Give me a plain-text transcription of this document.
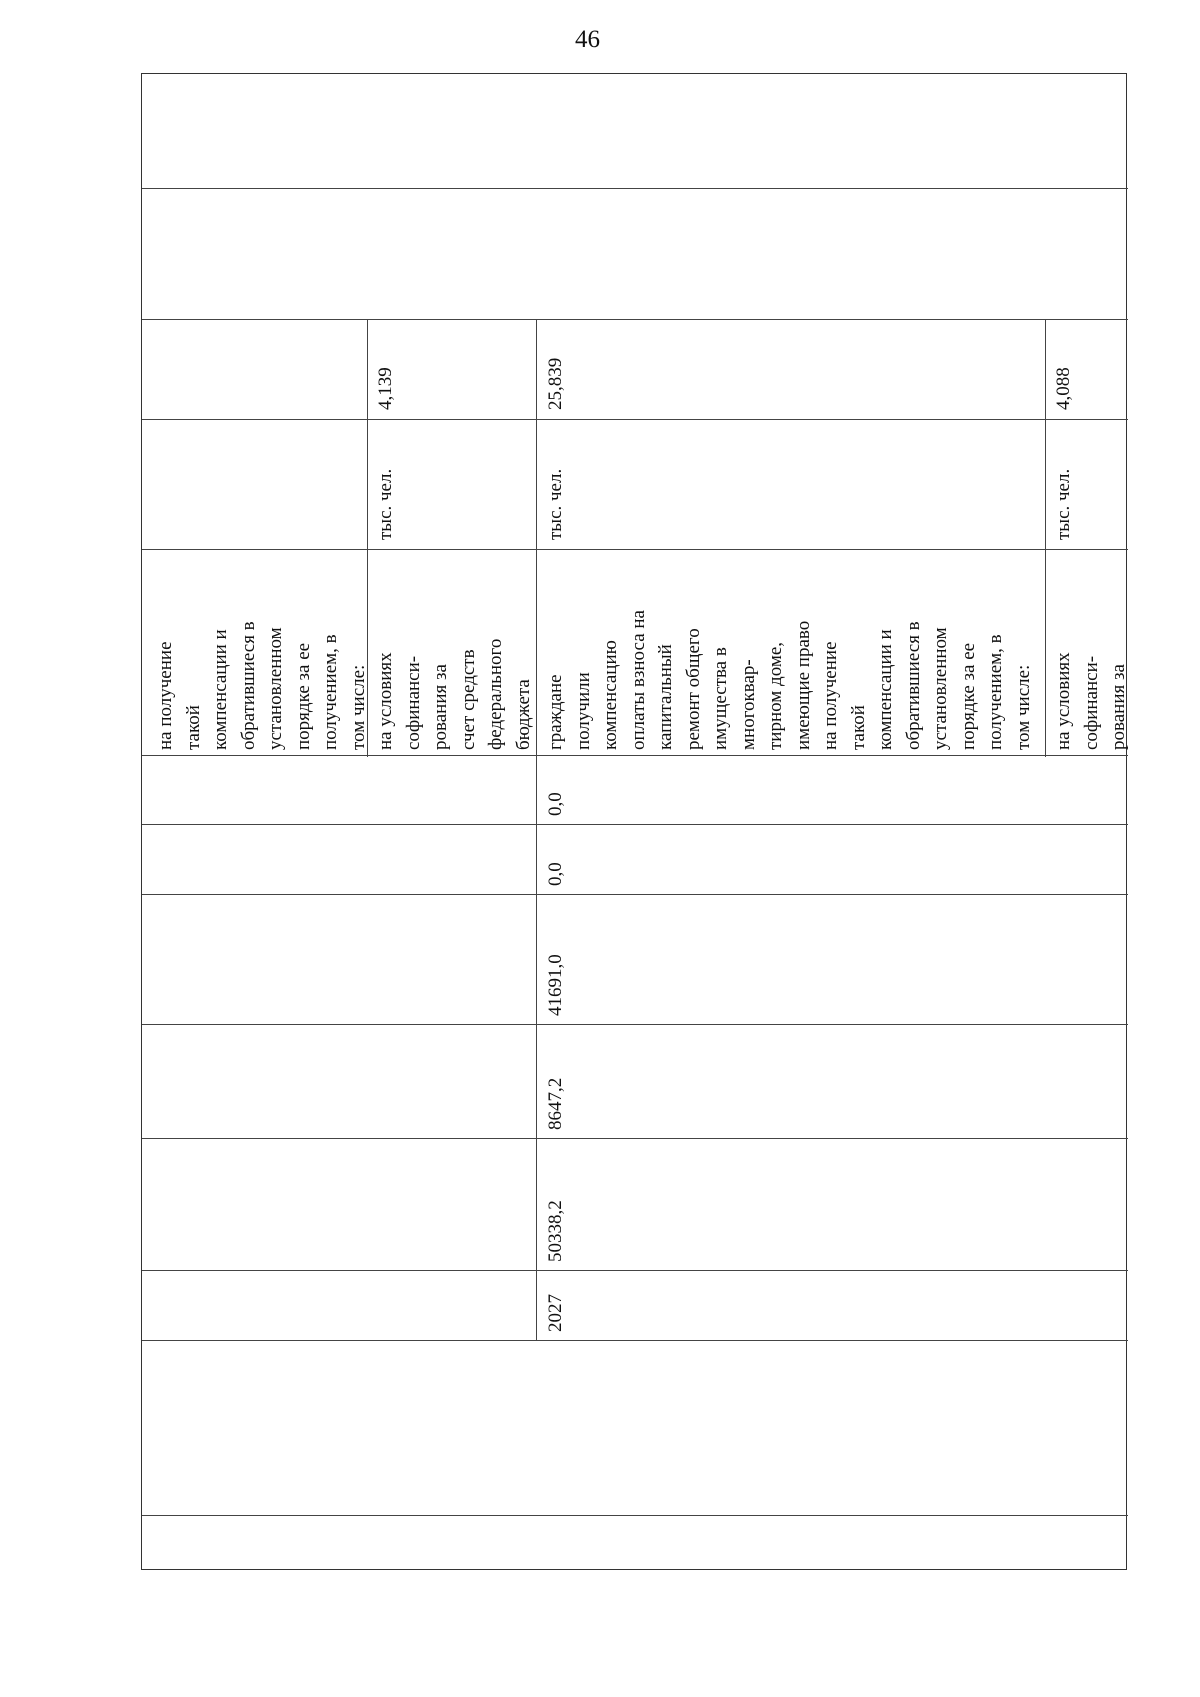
46
на получение такой компенсации и обратившиеся в установленном порядке за ее получением, в том числе: на условиях софинанси- рования за счет средств федерального бюджета
тыс. чел.
4,139
2027
50338,2
8647,2
41691,0
0,0
0,0
граждане получили компенсацию оплаты взноса на капитальный ремонт общего имущества в многоквар- тирном доме, имеющие право на получение такой компенсации и обратившиеся в установленном порядке за ее получением, в том числе:
тыс. чел.
25,839
на условиях софинанси- рования за
тыс. чел.
4,088
